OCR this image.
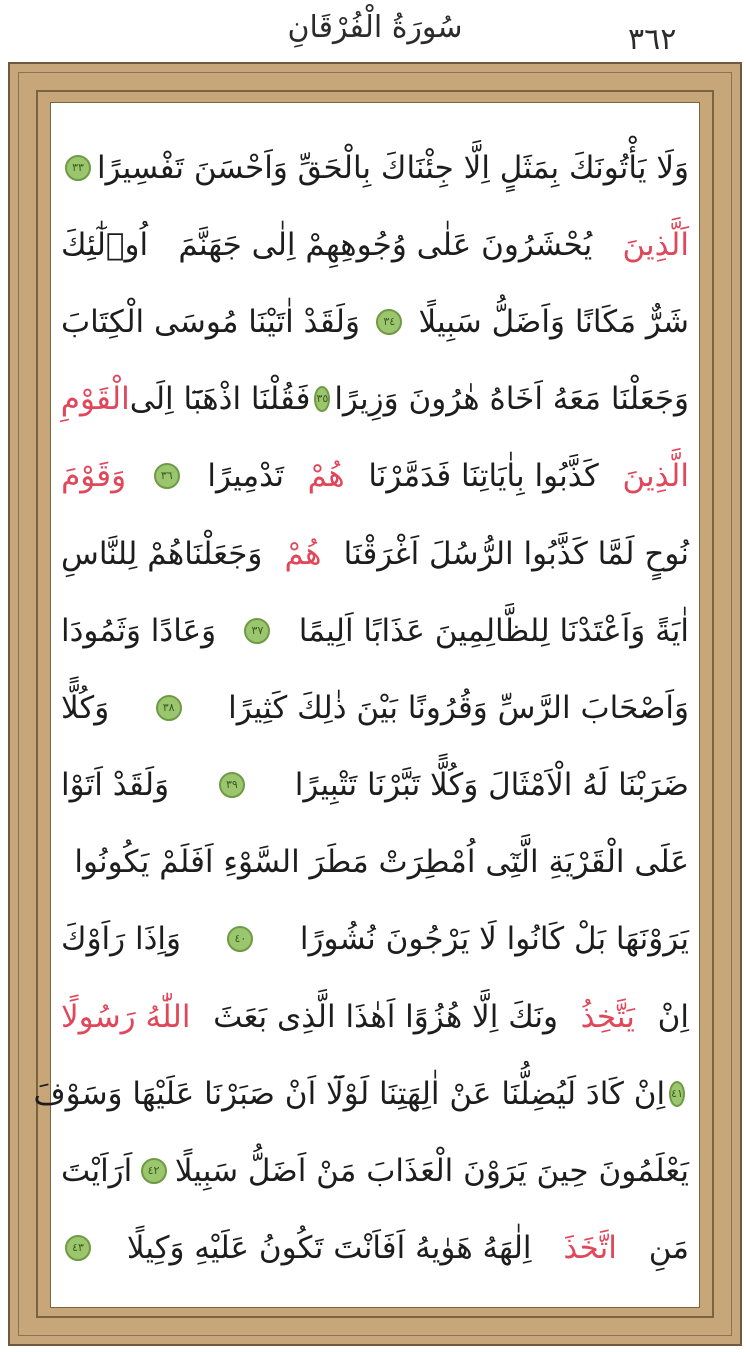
سُورَةُ الْفُرْقَانِ	٣٦٢
وَلَا يَأْتُونَكَ بِمَثَلٍ اِلَّا جِئْنَاكَ بِالْحَقِّ وَاَحْسَنَ تَفْسِيرًا
٣٣
اَلَّذِينَ
يُحْشَرُونَ عَلٰى وُجُوهِهِمْ اِلٰى جَهَنَّمَ
اُو۬لٰٓئِكَ
شَرٌّ مَكَانًا وَاَضَلُّ سَبِيلًا
٣٤
وَلَقَدْ اٰتَيْنَا مُوسَى الْكِتَابَ
وَجَعَلْنَا مَعَهُ اَخَاهُ هٰرُونَ وَزِيرًا
٣٥
فَقُلْنَا اذْهَبَٓا اِلَى
الْقَوْمِ
الَّذِينَ
كَذَّبُوا بِاٰيَاتِنَا فَدَمَّرْنَا
هُمْ
تَدْمِيرًا
٣٦
وَقَوْمَ
نُوحٍ لَمَّا كَذَّبُوا الرُّسُلَ اَغْرَقْنَا
هُمْ
وَجَعَلْنَاهُمْ لِلنَّاسِ
اٰيَةً وَاَعْتَدْنَا لِلظَّالِمِينَ عَذَابًا اَلِيمًا
٣٧
وَعَادًا وَثَمُودَا
وَاَصْحَابَ الرَّسِّ وَقُرُونًا بَيْنَ ذٰلِكَ كَثِيرًا
٣٨
وَكُلًّا
ضَرَبْنَا لَهُ الْاَمْثَالَ وَكُلًّا تَبَّرْنَا تَتْبِيرًا
٣٩
وَلَقَدْ اَتَوْا
عَلَى الْقَرْيَةِ الَّتِٓى اُمْطِرَتْ مَطَرَ السَّوْءِ اَفَلَمْ يَكُونُوا
يَرَوْنَهَا بَلْ كَانُوا لَا يَرْجُونَ نُشُورًا
٤٠
وَاِذَا رَاَوْكَ
اِنْ
يَتَّخِذُ
ونَكَ اِلَّا هُزُوًا اَهٰذَا الَّذِى بَعَثَ
اللّٰهُ رَسُولًا
٤١
اِنْ كَادَ لَيُضِلُّنَا عَنْ اٰلِهَتِنَا لَوْلَٓا اَنْ صَبَرْنَا عَلَيْهَا وَسَوْفَ
يَعْلَمُونَ حِينَ يَرَوْنَ الْعَذَابَ مَنْ اَضَلُّ سَبِيلًا
٤٢
اَرَاَيْتَ
مَنِ
اتَّخَذَ
اِلٰهَهُ هَوٰيهُ اَفَاَنْتَ تَكُونُ عَلَيْهِ وَكِيلًا
٤٣
